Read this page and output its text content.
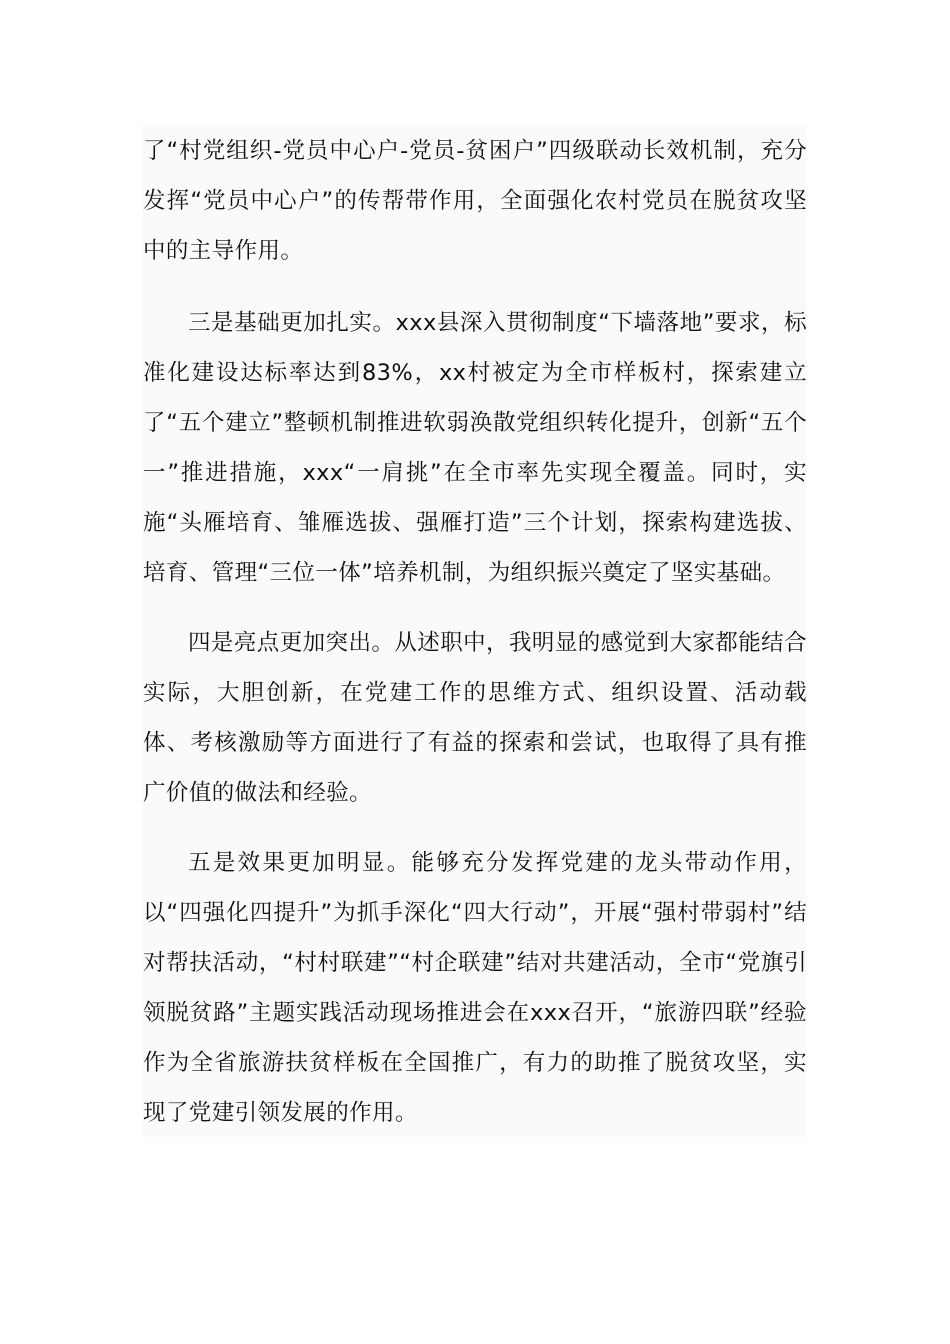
了“村党组织-党员中心户-党员-贫困户”四级联动长效机制，充分发挥“党员中心户”的传帮带作用，全面强化农村党员在脱贫攻坚中的主导作用。

三是基础更加扎实。xxx县深入贯彻制度“下墙落地”要求，标准化建设达标率达到83%，xx村被定为全市样板村，探索建立了“五个建立”整顿机制推进软弱涣散党组织转化提升，创新“五个一”推进措施，xxx“一肩挑”在全市率先实现全覆盖。同时，实施“头雁培育、雏雁选拔、强雁打造”三个计划，探索构建选拔、培育、管理“三位一体”培养机制，为组织振兴奠定了坚实基础。

四是亮点更加突出。从述职中，我明显的感觉到大家都能结合实际，大胆创新，在党建工作的思维方式、组织设置、活动载体、考核激励等方面进行了有益的探索和尝试，也取得了具有推广价值的做法和经验。

五是效果更加明显。能够充分发挥党建的龙头带动作用，以“四强化四提升”为抓手深化“四大行动”，开展“强村带弱村”结对帮扶活动，“村村联建”“村企联建”结对共建活动，全市“党旗引领脱贫路”主题实践活动现场推进会在xxx召开，“旅游四联”经验作为全省旅游扶贫样板在全国推广，有力的助推了脱贫攻坚，实现了党建引领发展的作用。
